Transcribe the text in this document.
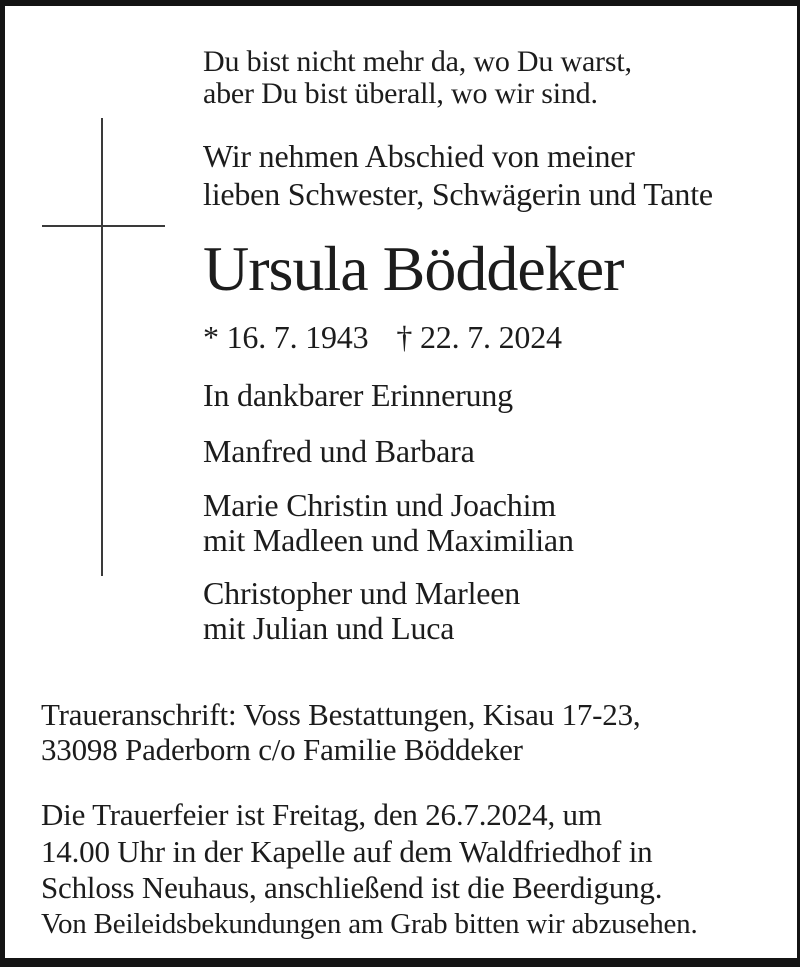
Du bist nicht mehr da, wo Du warst,
aber Du bist überall, wo wir sind.
Wir nehmen Abschied von meiner
lieben Schwester, Schwägerin und Tante
Ursula Böddeker
* 16. 7. 1943 † 22. 7. 2024
In dankbarer Erinnerung
Manfred und Barbara
Marie Christin und Joachim
mit Madleen und Maximilian
Christopher und Marleen
mit Julian und Luca
Traueranschrift: Voss Bestattungen, Kisau 17-23,
33098 Paderborn c/o Familie Böddeker
Die Trauerfeier ist Freitag, den 26.7.2024, um
14.00 Uhr in der Kapelle auf dem Waldfriedhof in
Schloss Neuhaus, anschließend ist die Beerdigung.
Von Beileidsbekundungen am Grab bitten wir abzusehen.
